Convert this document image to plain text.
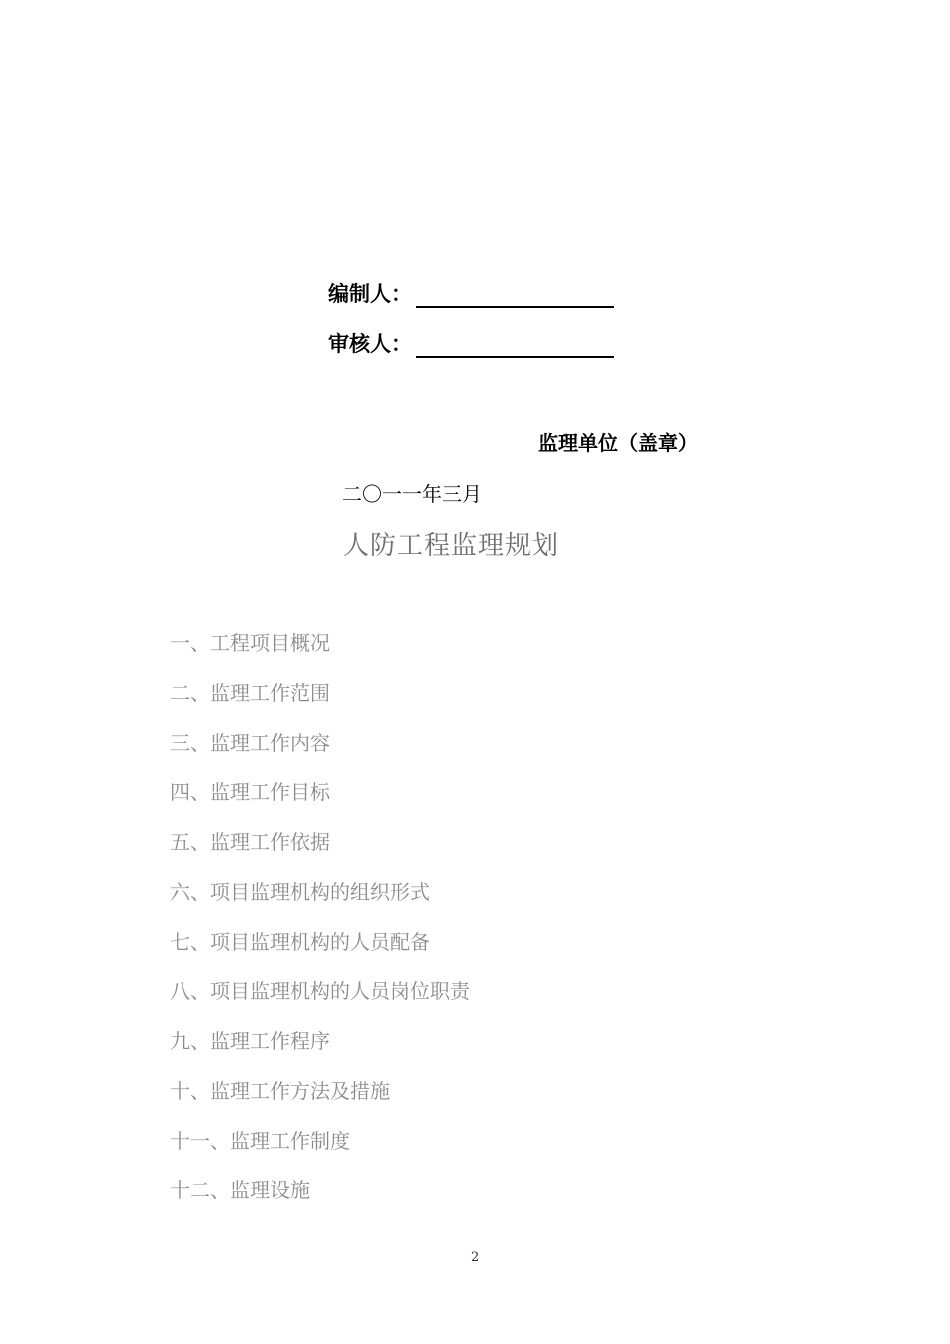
编制人：
审核人：
监理单位（盖章）
二〇一一年三月
人防工程监理规划
一、工程项目概况
二、监理工作范围
三、监理工作内容
四、监理工作目标
五、监理工作依据
六、项目监理机构的组织形式
七、项目监理机构的人员配备
八、项目监理机构的人员岗位职责
九、监理工作程序
十、监理工作方法及措施
十一、监理工作制度
十二、监理设施
2
